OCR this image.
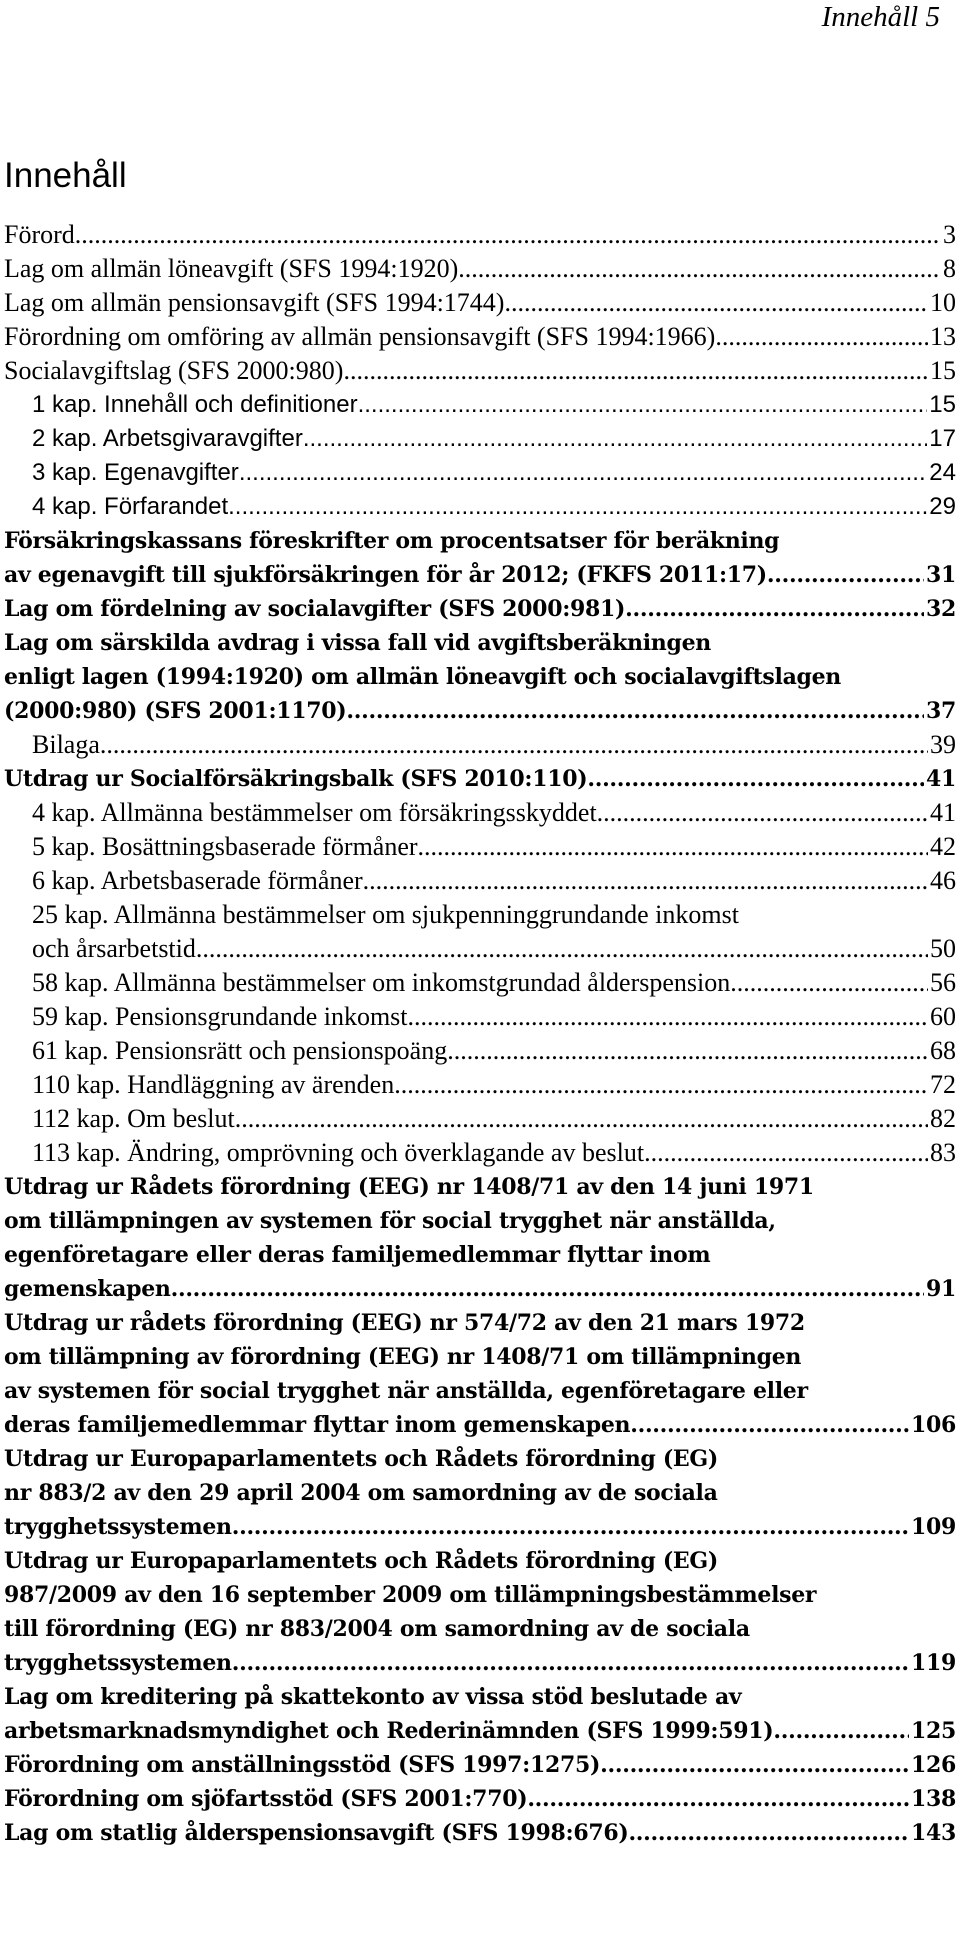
Innehåll 5
Innehåll
Förord .....	3
Lag om allmän löneavgift (SFS 1994:1920) .....	8
Lag om allmän pensionsavgift (SFS 1994:1744) .....	10
Förordning om omföring av allmän pensionsavgift (SFS 1994:1966) .....	13
Socialavgiftslag (SFS 2000:980) .....	15
1 kap. Innehåll och definitioner .....	15
2 kap. Arbetsgivaravgifter .....	17
3 kap. Egenavgifter .....	24
4 kap. Förfarandet .....	29
Försäkringskassans föreskrifter om procentsatser för beräkning
av egenavgift till sjukförsäkringen för år 2012; (FKFS 2011:17) .....	31
Lag om fördelning av socialavgifter (SFS 2000:981) .....	32
Lag om särskilda avdrag i vissa fall vid avgiftsberäkningen
enligt lagen (1994:1920) om allmän löneavgift och socialavgiftslagen
(2000:980) (SFS 2001:1170) .....	37
Bilaga .....	39
Utdrag ur Socialförsäkringsbalk (SFS 2010:110) .....	41
4 kap. Allmänna bestämmelser om försäkringsskyddet .....	41
5 kap. Bosättningsbaserade förmåner .....	42
6 kap. Arbetsbaserade förmåner .....	46
25 kap. Allmänna bestämmelser om sjukpenninggrundande inkomst
och årsarbetstid .....	50
58 kap. Allmänna bestämmelser om inkomstgrundad ålderspension .....	56
59 kap. Pensionsgrundande inkomst .....	60
61 kap. Pensionsrätt och pensionspoäng .....	68
110 kap. Handläggning av ärenden .....	72
112 kap. Om beslut .....	82
113 kap. Ändring, omprövning och överklagande av beslut .....	83
Utdrag ur Rådets förordning (EEG) nr 1408/71 av den 14 juni 1971
om tillämpningen av systemen för social trygghet när anställda,
egenföretagare eller deras familjemedlemmar flyttar inom
gemenskapen .....	91
Utdrag ur rådets förordning (EEG) nr 574/72 av den 21 mars 1972
om tillämpning av förordning (EEG) nr 1408/71 om tillämpningen
av systemen för social trygghet när anställda, egenföretagare eller
deras familjemedlemmar flyttar inom gemenskapen .....	106
Utdrag ur Europaparlamentets och Rådets förordning (EG)
nr 883/2 av den 29 april 2004 om samordning av de sociala
trygghetssystemen .....	109
Utdrag ur Europaparlamentets och Rådets förordning (EG)
987/2009 av den 16 september 2009 om tillämpningsbestämmelser
till förordning (EG) nr 883/2004 om samordning av de sociala
trygghetssystemen .....	119
Lag om kreditering på skattekonto av vissa stöd beslutade av
arbetsmarknadsmyndighet och Rederinämnden (SFS 1999:591) .....	125
Förordning om anställningsstöd (SFS 1997:1275) .....	126
Förordning om sjöfartsstöd (SFS 2001:770) .....	138
Lag om statlig ålderspensionsavgift (SFS 1998:676) .....	143
